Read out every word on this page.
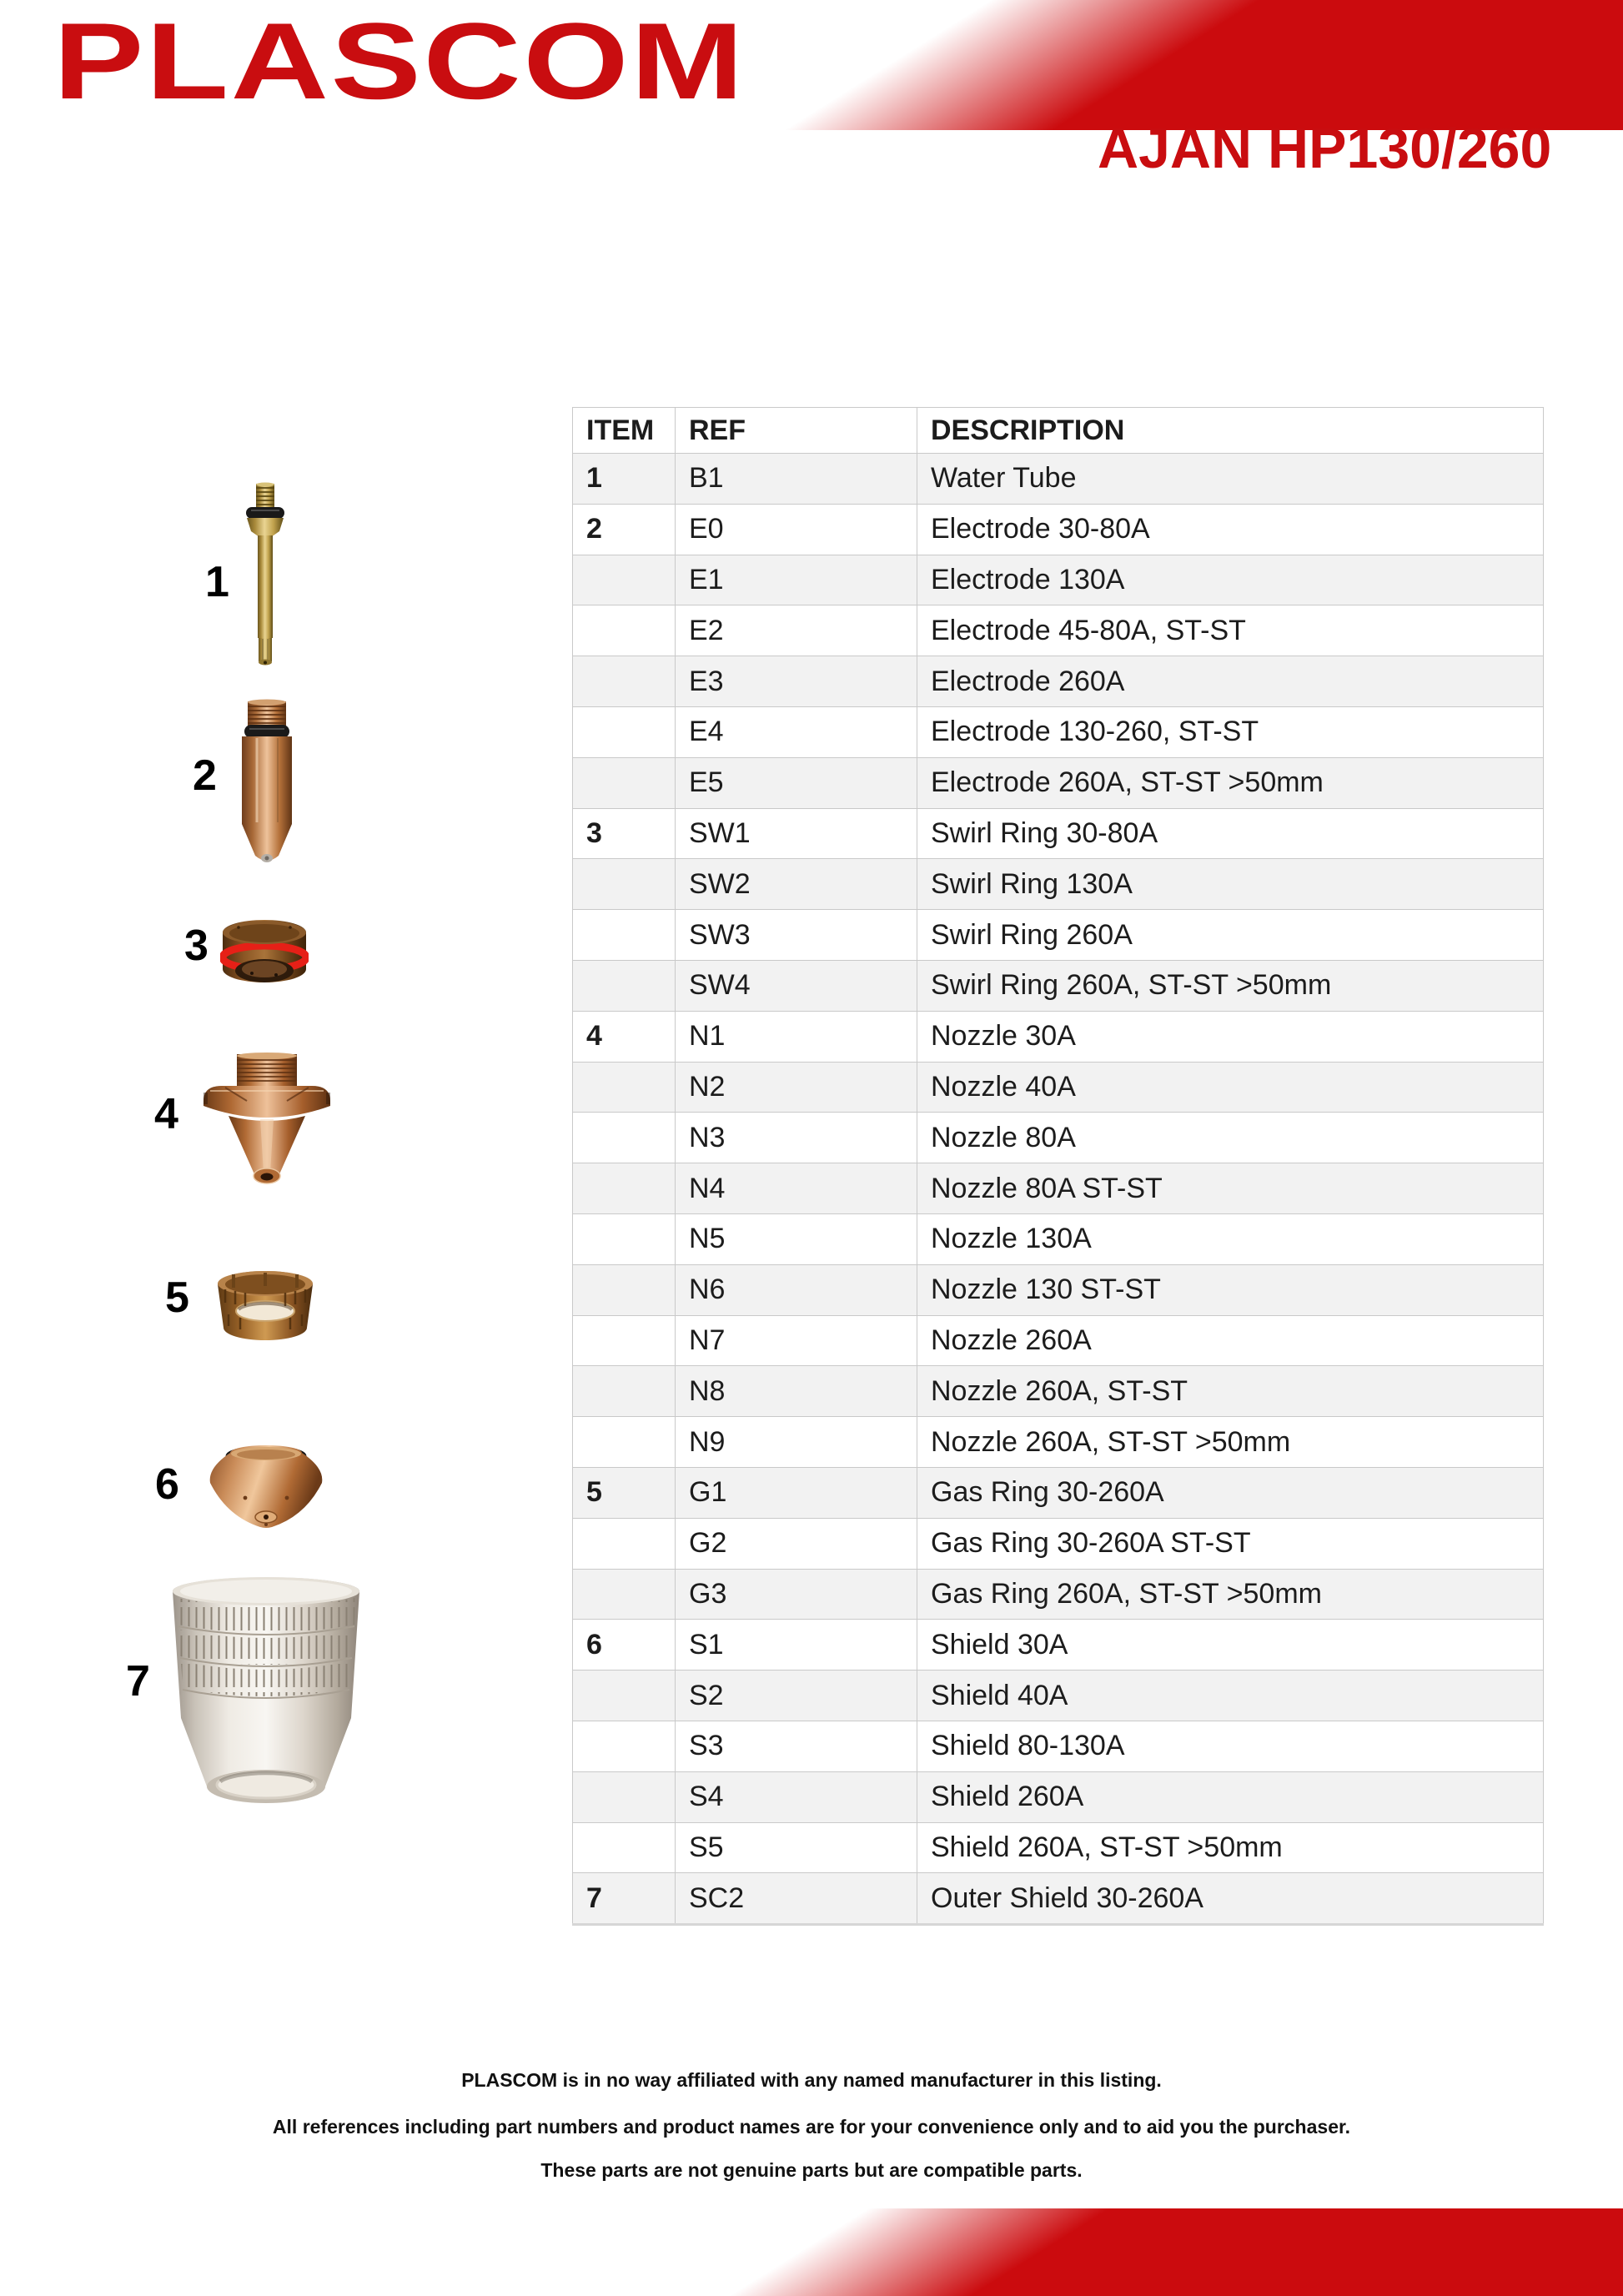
PLASCOM
AJAN HP130/260
1
2
3
4
5
6
7
ITEM	REF	DESCRIPTION
1	B1	Water Tube
2	E0	Electrode 30-80A
	E1	Electrode 130A
	E2	Electrode 45-80A, ST-ST
	E3	Electrode 260A
	E4	Electrode 130-260, ST-ST
	E5	Electrode 260A, ST-ST >50mm
3	SW1	Swirl Ring 30-80A
	SW2	Swirl Ring 130A
	SW3	Swirl Ring 260A
	SW4	Swirl Ring 260A, ST-ST >50mm
4	N1	Nozzle 30A
	N2	Nozzle 40A
	N3	Nozzle 80A
	N4	Nozzle 80A ST-ST
	N5	Nozzle 130A
	N6	Nozzle 130 ST-ST
	N7	Nozzle 260A
	N8	Nozzle 260A, ST-ST
	N9	Nozzle 260A, ST-ST >50mm
5	G1	Gas Ring 30-260A
	G2	Gas Ring 30-260A ST-ST
	G3	Gas Ring 260A, ST-ST >50mm
6	S1	Shield 30A
	S2	Shield 40A
	S3	Shield 80-130A
	S4	Shield 260A
	S5	Shield 260A, ST-ST >50mm
7	SC2	Outer Shield 30-260A
PLASCOM is in no way affiliated with any named manufacturer in this listing.
All references including part numbers and product names are for your convenience only and to aid you the purchaser.
These parts are not genuine parts but are compatible parts.
